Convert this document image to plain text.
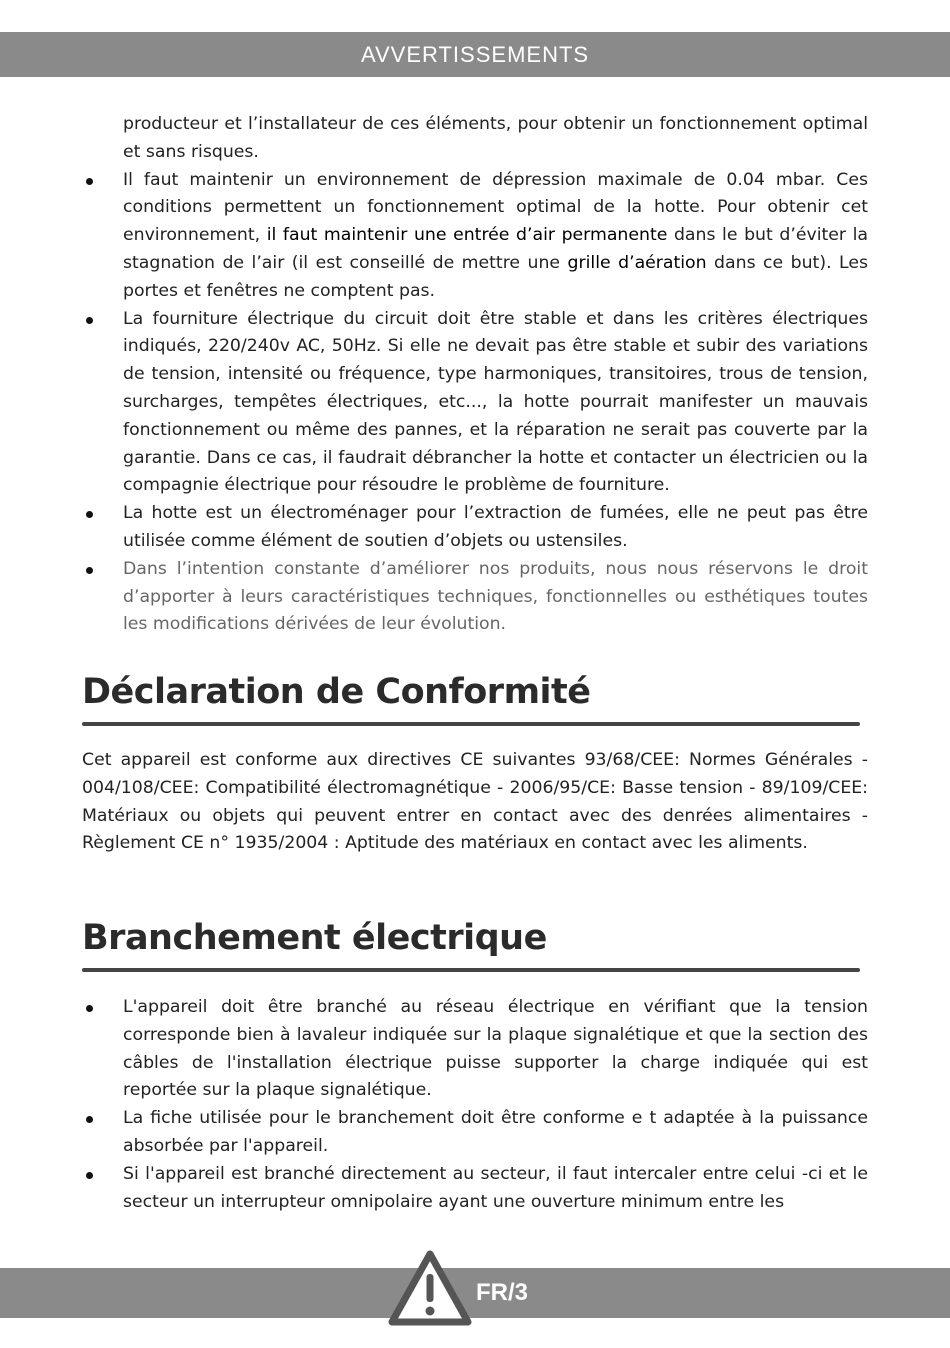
AVVERTISSEMENTS

producteur et l’installateur de ces éléments, pour obtenir un fonctionnement optimal et sans risques.

Il faut maintenir un environnement de dépression maximale de 0.04 mbar. Ces conditions permettent un fonctionnement optimal de la hotte. Pour obtenir cet environnement, il faut maintenir une entrée d’air permanente dans le but d’éviter la stagnation de l’air (il est conseillé de mettre une grille d’aération dans ce but). Les portes et fenêtres ne comptent pas.
La fourniture électrique du circuit doit être stable et dans les critères électriques indiqués, 220/240v AC, 50Hz. Si elle ne devait pas être stable et subir des variations de tension, intensité ou fréquence, type harmoniques, transitoires, trous de tension, surcharges, tempêtes électriques, etc..., la hotte pourrait manifester un mauvais fonctionnement ou même des pannes, et la réparation ne serait pas couverte par la garantie. Dans ce cas, il faudrait débrancher la hotte et contacter un électricien ou la compagnie électrique pour résoudre le problème de fourniture.
La hotte est un électroménager pour l’extraction de fumées, elle ne peut pas être utilisée comme élément de soutien d’objets ou ustensiles.
Dans l’intention constante d’améliorer nos produits, nous nous réservons le droit d’apporter à leurs caractéristiques techniques, fonctionnelles ou esthétiques toutes les modifications dérivées de leur évolution.
Déclaration de Conformité

Cet appareil est conforme aux directives CE suivantes 93/68/CEE: Normes Générales - 004/108/CEE: Compatibilité électromagnétique - 2006/95/CE: Basse tension - 89/109/CEE: Matériaux ou objets qui peuvent entrer en contact avec des denrées alimentaires - Règlement CE n° 1935/2004 : Aptitude des matériaux en contact avec les aliments.

Branchement électrique
L'appareil doit être branché au réseau électrique en vérifiant que la tension corresponde bien à lavaleur indiquée sur la plaque signalétique et que la section des câbles de l'installation électrique puisse supporter la charge indiquée qui est reportée sur la plaque signalétique.
La fiche utilisée pour le branchement doit être conforme e t adaptée à la puissance absorbée par l'appareil.
Si l'appareil est branché directement au secteur, il faut intercaler entre celui -ci et le secteur un interrupteur omnipolaire ayant une ouverture minimum entre les
FR/3
